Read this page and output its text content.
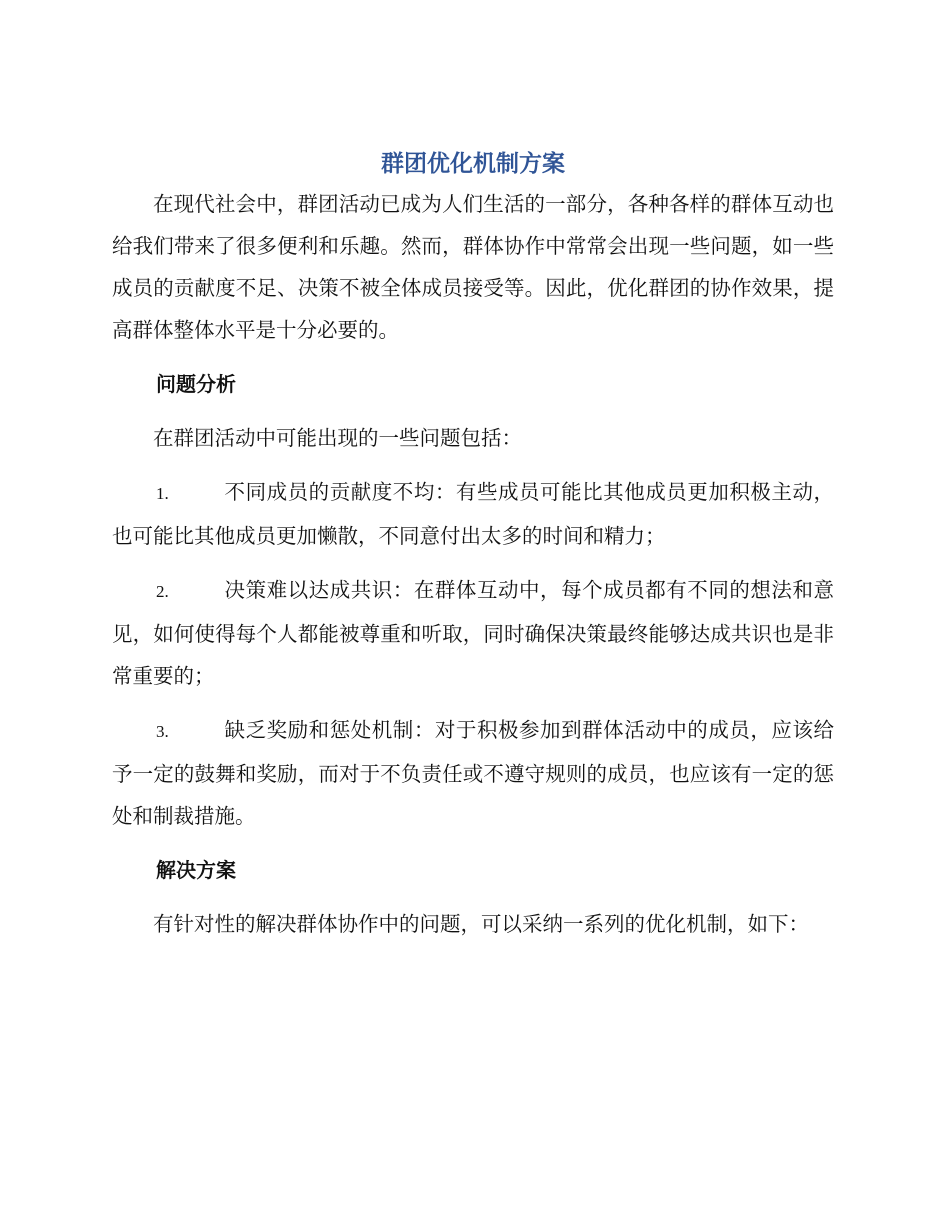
群团优化机制方案

在现代社会中，群团活动已成为人们生活的一部分，各种各样的群体互动也给我们带来了很多便利和乐趣。然而，群体协作中常常会出现一些问题，如一些成员的贡献度不足、决策不被全体成员接受等。因此，优化群团的协作效果，提高群体整体水平是十分必要的。

问题分析

在群团活动中可能出现的一些问题包括：

1.	不同成员的贡献度不均：有些成员可能比其他成员更加积极主动，也可能比其他成员更加懒散，不同意付出太多的时间和精力；

2.	决策难以达成共识：在群体互动中，每个成员都有不同的想法和意见，如何使得每个人都能被尊重和听取，同时确保决策最终能够达成共识也是非常重要的；

3.	缺乏奖励和惩处机制：对于积极参加到群体活动中的成员，应该给予一定的鼓舞和奖励，而对于不负责任或不遵守规则的成员，也应该有一定的惩处和制裁措施。

解决方案

有针对性的解决群体协作中的问题，可以采纳一系列的优化机制，如下：
